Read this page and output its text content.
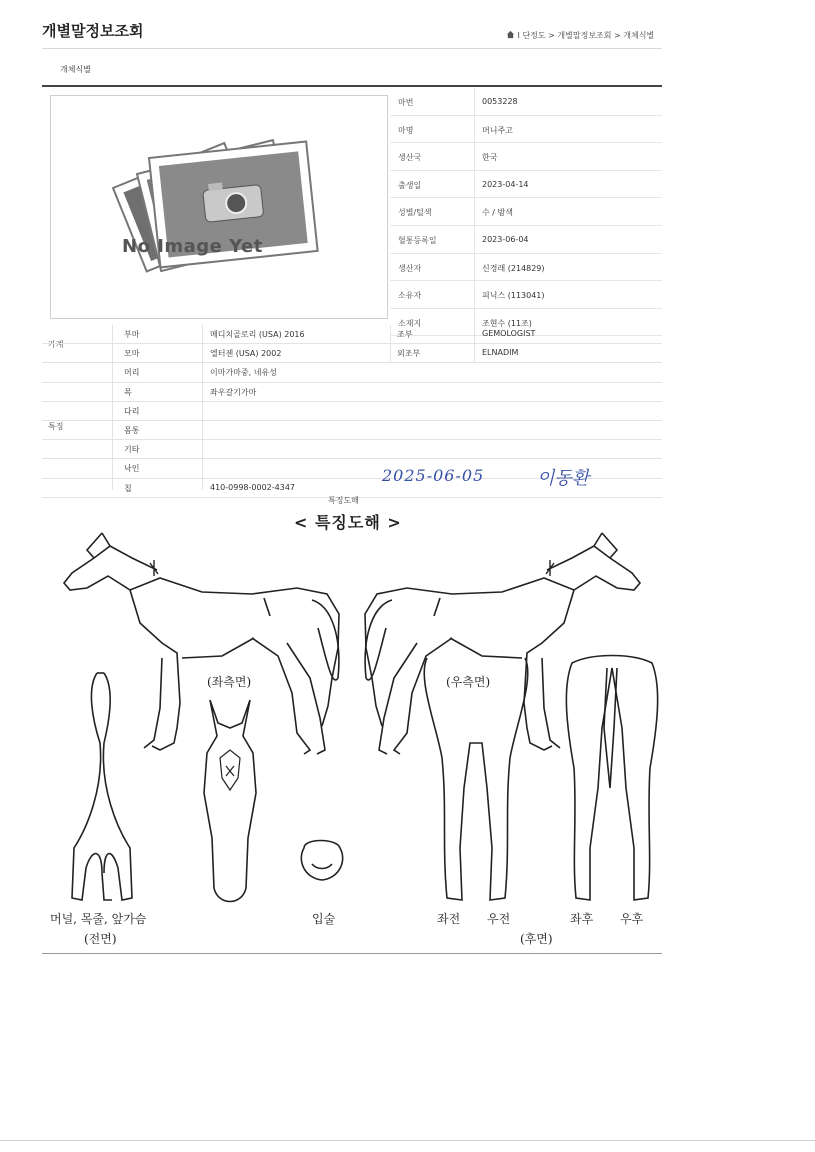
개별말정보조회	Ⅰ 단정도 > 개별말정보조회 > 개체식별
개체식별
No Image Yet
마번	0053228
마명	머니주고
생산국	한국
출생일	2023-04-14
성별/털색	수 / 밤색
혈통등록일	2023-06-04
생산자	신경래 (214829)
소유자	피닉스 (113041)
소재지	조현수 (11조)
가계
특징
부마	메디치골로리 (USA) 2016	조부	GEMOLOGIST
모마	엘터젠 (USA) 2002	외조부	ELNADIM
머리	이마가마중, 네유성
목	좌우갈기가마
다리
몸통
기타
낙인
칩	410-0998-0002-4347
2025-06-05	이동환
특징도해
< 특징도해 >
(좌측면)	(우측면)
머널, 목줄, 앞가슴
(전면)
입술	좌전 우전
(후면)
좌후 우후
